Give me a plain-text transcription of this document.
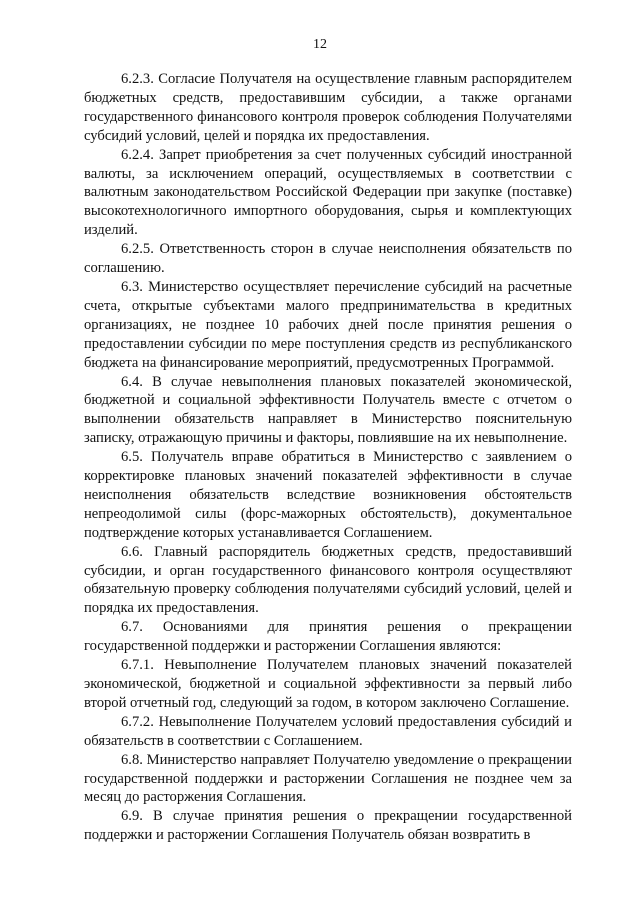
12

6.2.3. Согласие Получателя на осуществление главным распорядителем бюджетных средств, предоставившим субсидии, а также органами государственного финансового контроля проверок соблюдения Получателями субсидий условий, целей и порядка их предоставления.

6.2.4. Запрет приобретения за счет полученных субсидий иностранной валюты, за исключением операций, осуществляемых в соответствии с валютным законодательством Российской Федерации при закупке (поставке) высокотехнологичного импортного оборудования, сырья и комплектующих изделий.

6.2.5. Ответственность сторон в случае неисполнения обязательств по соглашению.

6.3. Министерство осуществляет перечисление субсидий на расчетные счета, открытые субъектами малого предпринимательства в кредитных организациях, не позднее 10 рабочих дней после принятия решения о предоставлении субсидии по мере поступления средств из республиканского бюджета на финансирование мероприятий, предусмотренных Программой.

6.4. В случае невыполнения плановых показателей экономической, бюджетной и социальной эффективности Получатель вместе с отчетом о выполнении обязательств направляет в Министерство пояснительную записку, отражающую причины и факторы, повлиявшие на их невыполнение.

6.5. Получатель вправе обратиться в Министерство с заявлением о корректировке плановых значений показателей эффективности в случае неисполнения обязательств вследствие возникновения обстоятельств непреодолимой силы (форс-мажорных обстоятельств), документальное подтверждение которых устанавливается Соглашением.

6.6. Главный распорядитель бюджетных средств, предоставивший субсидии, и орган государственного финансового контроля осуществляют обязательную проверку соблюдения получателями субсидий условий, целей и порядка их предоставления.

6.7. Основаниями для принятия решения о прекращении государственной поддержки и расторжении Соглашения являются:

6.7.1. Невыполнение Получателем плановых значений показателей экономической, бюджетной и социальной эффективности за первый либо второй отчетный год, следующий за годом, в котором заключено Соглашение.

6.7.2. Невыполнение Получателем условий предоставления субсидий и обязательств в соответствии с Соглашением.

6.8. Министерство направляет Получателю уведомление о прекращении государственной поддержки и расторжении Соглашения не позднее чем за месяц до расторжения Соглашения.

6.9. В случае принятия решения о прекращении государственной поддержки и расторжении Соглашения Получатель обязан возвратить в
